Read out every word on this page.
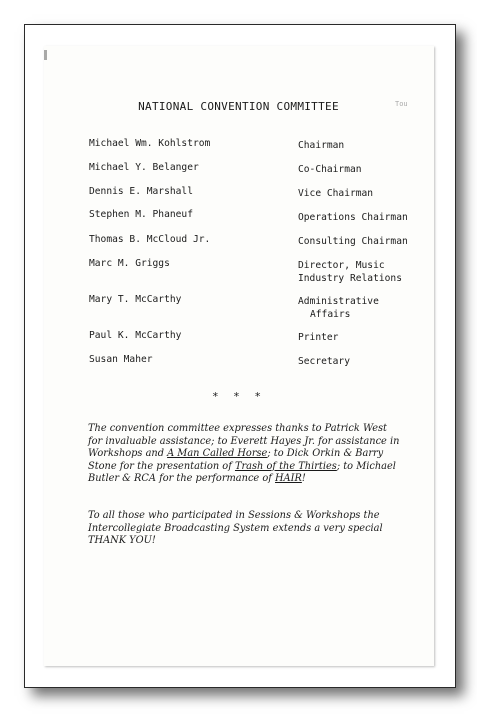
NATIONAL CONVENTION COMMITTEE	Tou
Michael Wm. Kohlstrom	Chairman
Michael Y. Belanger	Co-Chairman
Dennis E. Marshall	Vice Chairman
Stephen M. Phaneuf	Operations Chairman
Thomas B. McCloud Jr.	Consulting Chairman
Marc M. Griggs	Director, Music
Industry Relations
Mary T. McCarthy	Administrative
Affairs
Paul K. McCarthy	Printer
Susan Maher	Secretary
* * *
The convention committee expresses thanks to Patrick West for invaluable assistance; to Everett Hayes Jr. for assistance in Workshops and A Man Called Horse; to Dick Orkin & Barry Stone for the presentation of Trash of the Thirties; to Michael Butler & RCA for the performance of HAIR!
To all those who participated in Sessions & Workshops the Intercollegiate Broadcasting System extends a very special THANK YOU!
